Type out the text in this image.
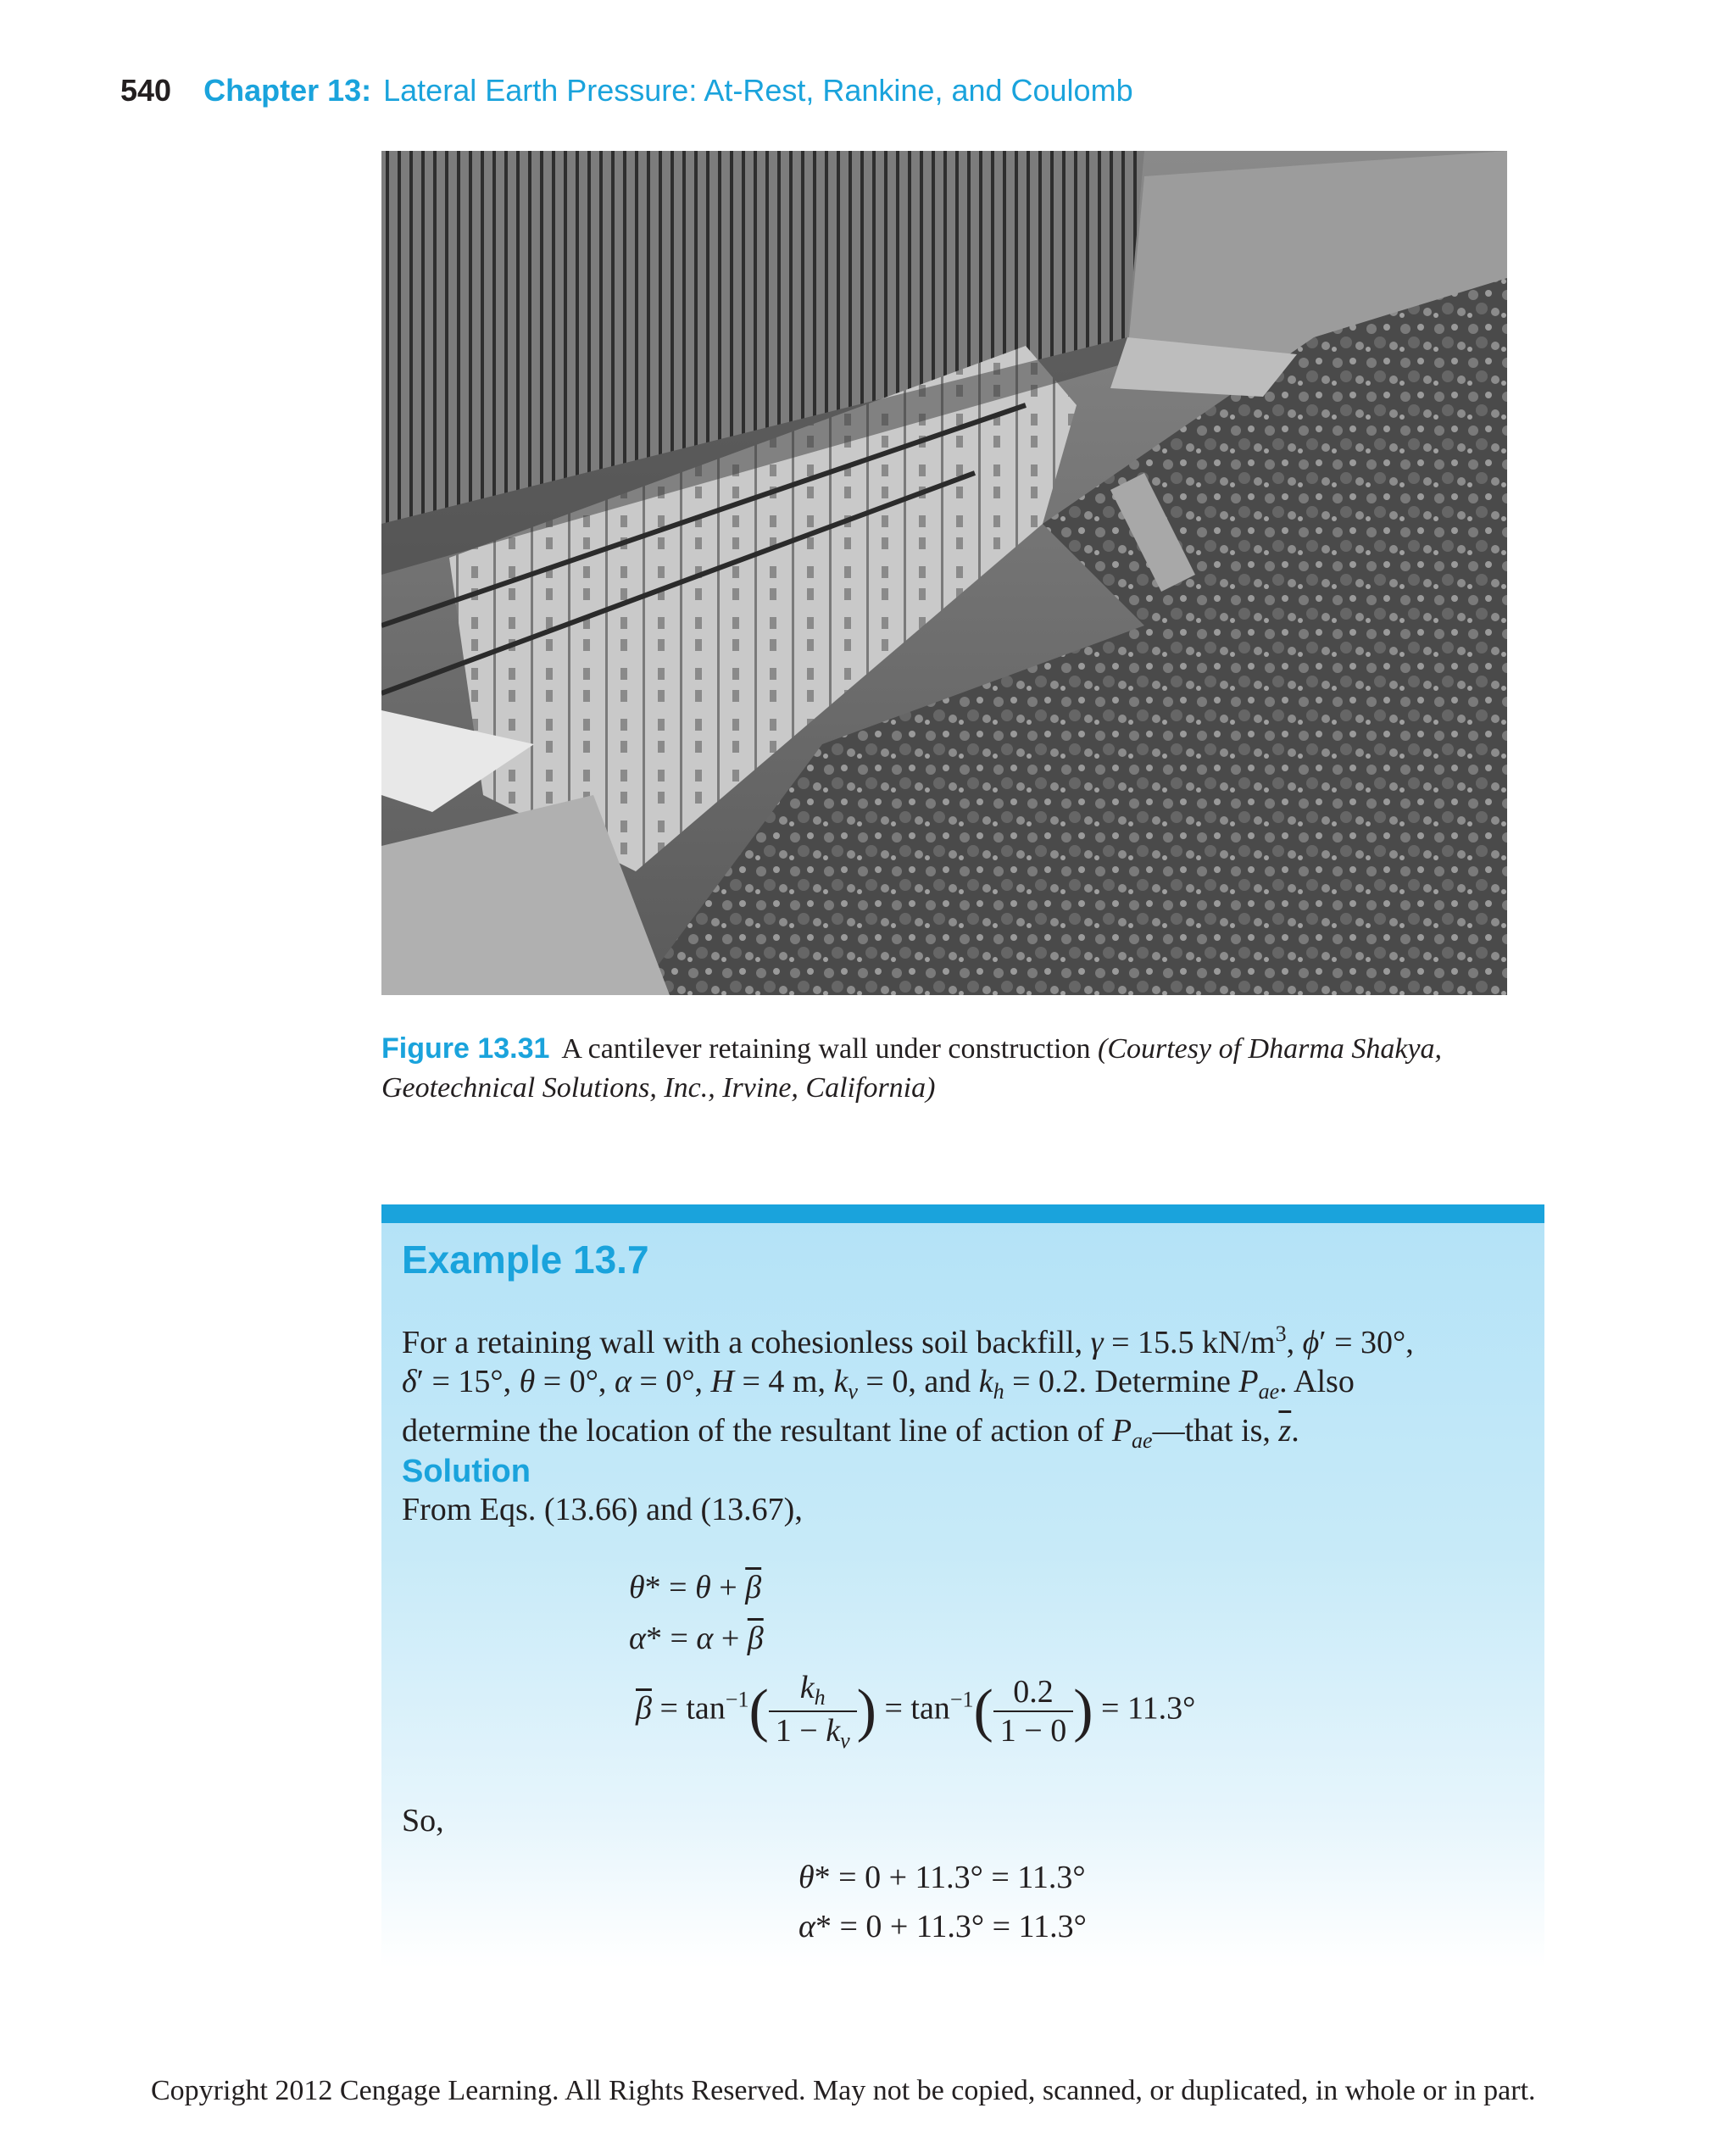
540 Chapter 13: Lateral Earth Pressure: At-Rest, Rankine, and Coulomb
Figure 13.31 A cantilever retaining wall under construction (Courtesy of Dharma Shakya, Geotechnical Solutions, Inc., Irvine, California)
Example 13.7
For a retaining wall with a cohesionless soil backfill, γ = 15.5 $kN/m^3$, ϕ′ = 30°,
δ′ = 15°, θ = 0°, α = 0°, H = 4 m, $k_v = 0$, and $k_h = 0.2$. Determine $P_{ae}$. Also
determine the location of the resultant line of action of $P_{ae}—that$ is, $\overline{z}$.
Solution
From Eqs. (13.66) and (13.67),
$\theta* = \theta + \overline{\beta}$
$\alpha* = \alpha + \overline{\beta}$
$\overline{\beta} = \tan^{-1}( \frac{k_h}{1 - k_v}$ ) = $\tan^{-1}( \frac{0.2}{1 - 0}$ ) = 11.3°
So,
θ* = 0 + 11.3° = 11.3°
α* = 0 + 11.3° = 11.3°
Copyright 2012 Cengage Learning. All Rights Reserved. May not be copied, scanned, or duplicated, in whole or in part.
